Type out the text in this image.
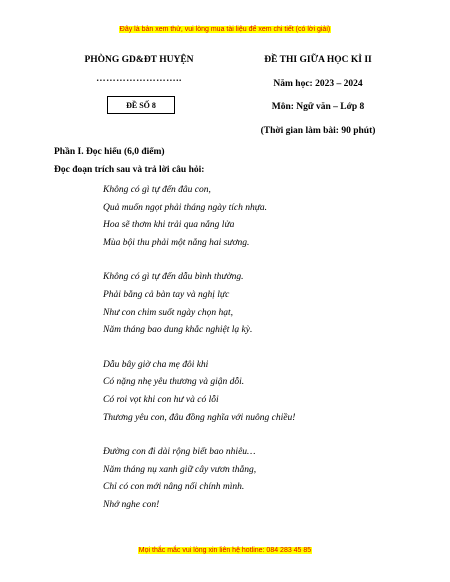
Đây là bản xem thử, vui lòng mua tài liệu để xem chi tiết (có lời giải)
PHÒNG GD&ĐT HUYỆN
……………………..
ĐỀ SỐ 8
ĐỀ THI GIỮA HỌC KÌ II
Năm học: 2023 – 2024
Môn: Ngữ văn – Lớp 8
(Thời gian làm bài: 90 phút)
Phần I. Đọc hiểu (6,0 điểm)
Đọc đoạn trích sau và trả lời câu hỏi:
Không có gì tự đến đâu con,
Quả muốn ngọt phải tháng ngày tích nhựa.
Hoa sẽ thơm khi trải qua nắng lửa
Mùa bội thu phải một nắng hai sương.
Không có gì tự đến dẫu bình thường.
Phải bằng cả bàn tay và nghị lực
Như con chim suốt ngày chọn hạt,
Năm tháng bao dung khắc nghiệt lạ kỳ.
Dẫu bây giờ cha mẹ đôi khi
Có nặng nhẹ yêu thương và giận dỗi.
Có roi vọt khi con hư và có lỗi
Thương yêu con, đâu đồng nghĩa với nuông chiều!
Đường con đi dài rộng biết bao nhiêu…
Năm tháng nụ xanh giữ cây vươn thẳng,
Chỉ có con mới nâng nổi chính mình.
Nhớ nghe con!
Mọi thắc mắc vui lòng xin liên hệ hotline: 084 283 45 85
